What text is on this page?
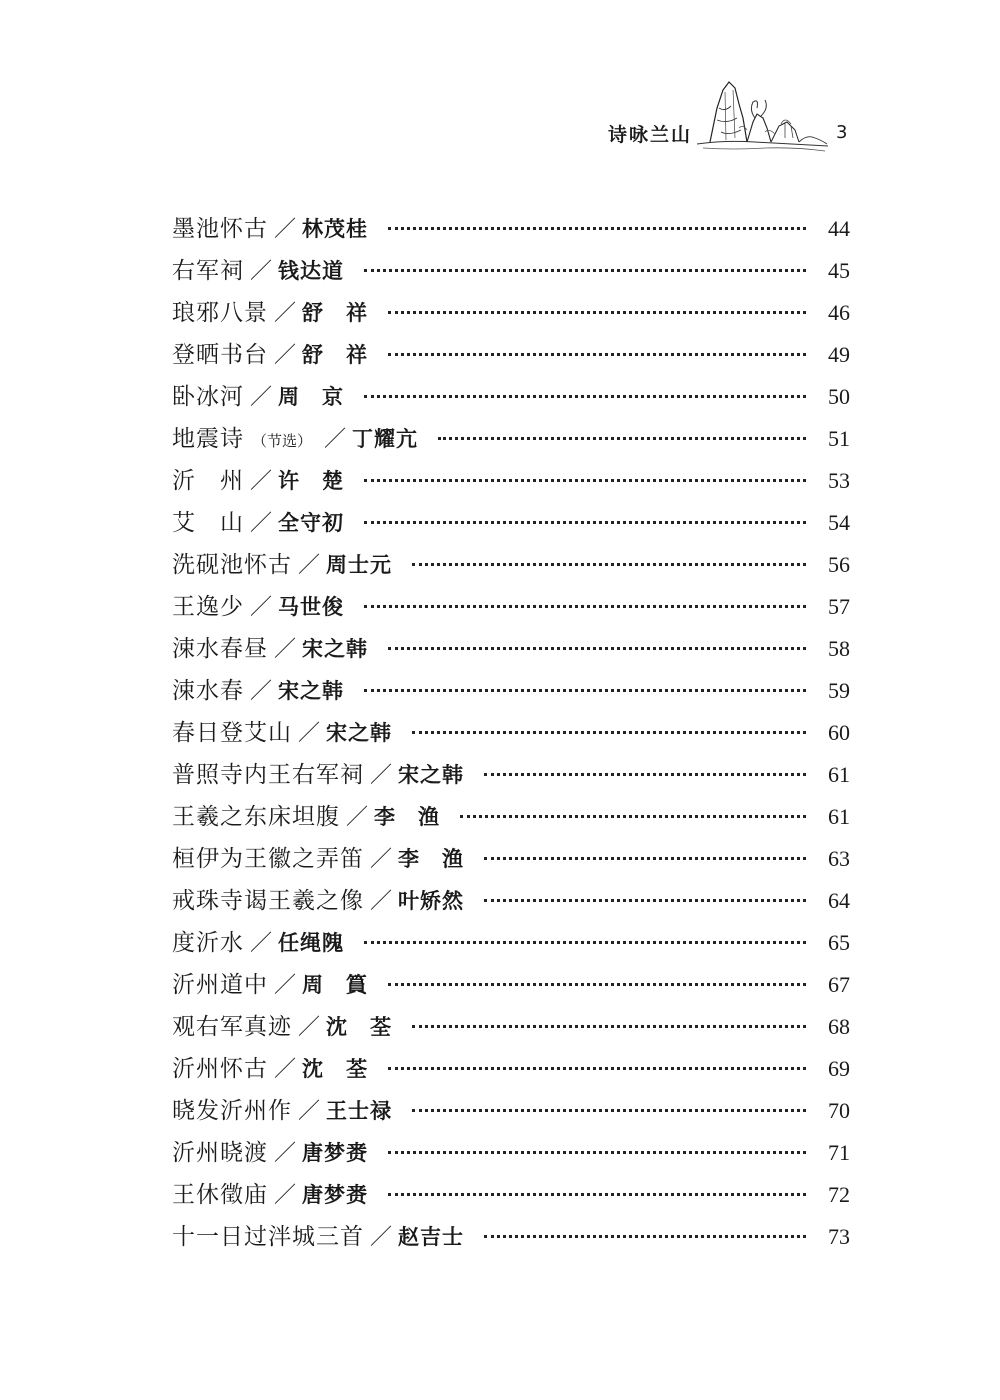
诗咏兰山	3
墨池怀古 ／ 林茂桂	44
右军祠 ／ 钱达道	45
琅邪八景 ／ 舒　祥	46
登晒书台 ／ 舒　祥	49
卧冰河 ／ 周　京	50
地震诗 （节选） ／ 丁耀亢	51
沂　州 ／ 许　楚	53
艾　山 ／ 全守初	54
洗砚池怀古 ／ 周士元	56
王逸少 ／ 马世俊	57
涑水春昼 ／ 宋之韩	58
涑水春 ／ 宋之韩	59
春日登艾山 ／ 宋之韩	60
普照寺内王右军祠 ／ 宋之韩	61
王羲之东床坦腹 ／ 李　渔	61
桓伊为王徽之弄笛 ／ 李　渔	63
戒珠寺谒王羲之像 ／ 叶矫然	64
度沂水 ／ 任绳隗	65
沂州道中 ／ 周　篔	67
观右军真迹 ／ 沈　荃	68
沂州怀古 ／ 沈　荃	69
晓发沂州作 ／ 王士禄	70
沂州晓渡 ／ 唐梦赉	71
王休徵庙 ／ 唐梦赉	72
十一日过泮城三首 ／ 赵吉士	73
